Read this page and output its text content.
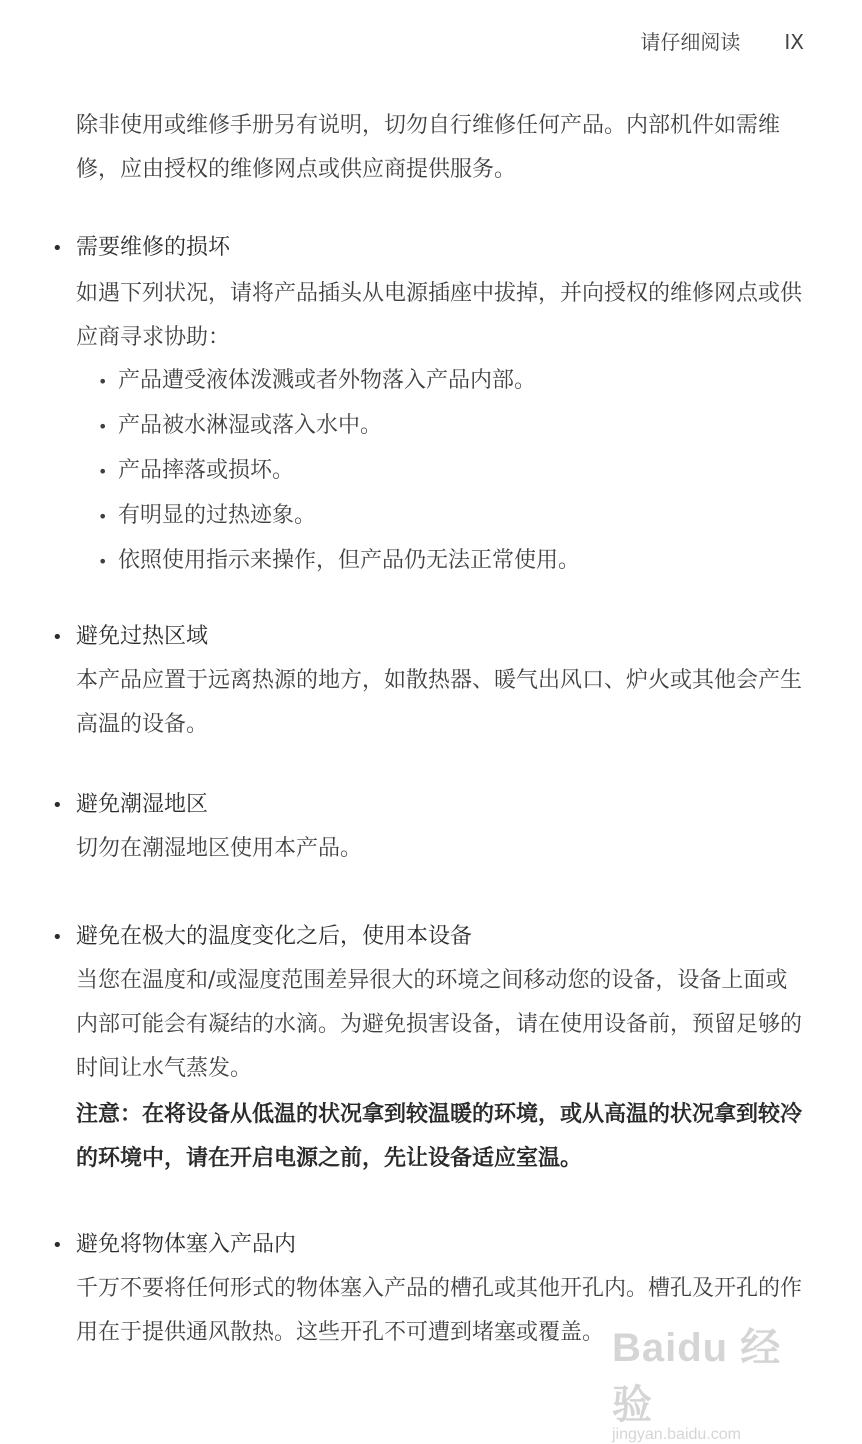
请仔细阅读 IX
除非使用或维修手册另有说明，切勿自行维修任何产品。内部机件如需维修，应由授权的维修网点或供应商提供服务。
• 需要维修的损坏
如遇下列状况，请将产品插头从电源插座中拔掉，并向授权的维修网点或供应商寻求协助：
• 产品遭受液体泼溅或者外物落入产品内部。
• 产品被水淋湿或落入水中。
• 产品摔落或损坏。
• 有明显的过热迹象。
• 依照使用指示来操作，但产品仍无法正常使用。
• 避免过热区域
本产品应置于远离热源的地方，如散热器、暖气出风口、炉火或其他会产生高温的设备。
• 避免潮湿地区
切勿在潮湿地区使用本产品。
• 避免在极大的温度变化之后，使用本设备
当您在温度和/或湿度范围差异很大的环境之间移动您的设备，设备上面或内部可能会有凝结的水滴。为避免损害设备，请在使用设备前，预留足够的时间让水气蒸发。
注意：在将设备从低温的状况拿到较温暖的环境，或从高温的状况拿到较冷的环境中，请在开启电源之前，先让设备适应室温。
• 避免将物体塞入产品内
千万不要将任何形式的物体塞入产品的槽孔或其他开孔内。槽孔及开孔的作用在于提供通风散热。这些开孔不可遭到堵塞或覆盖。 Baidu 经验
jingyan.baidu.com
